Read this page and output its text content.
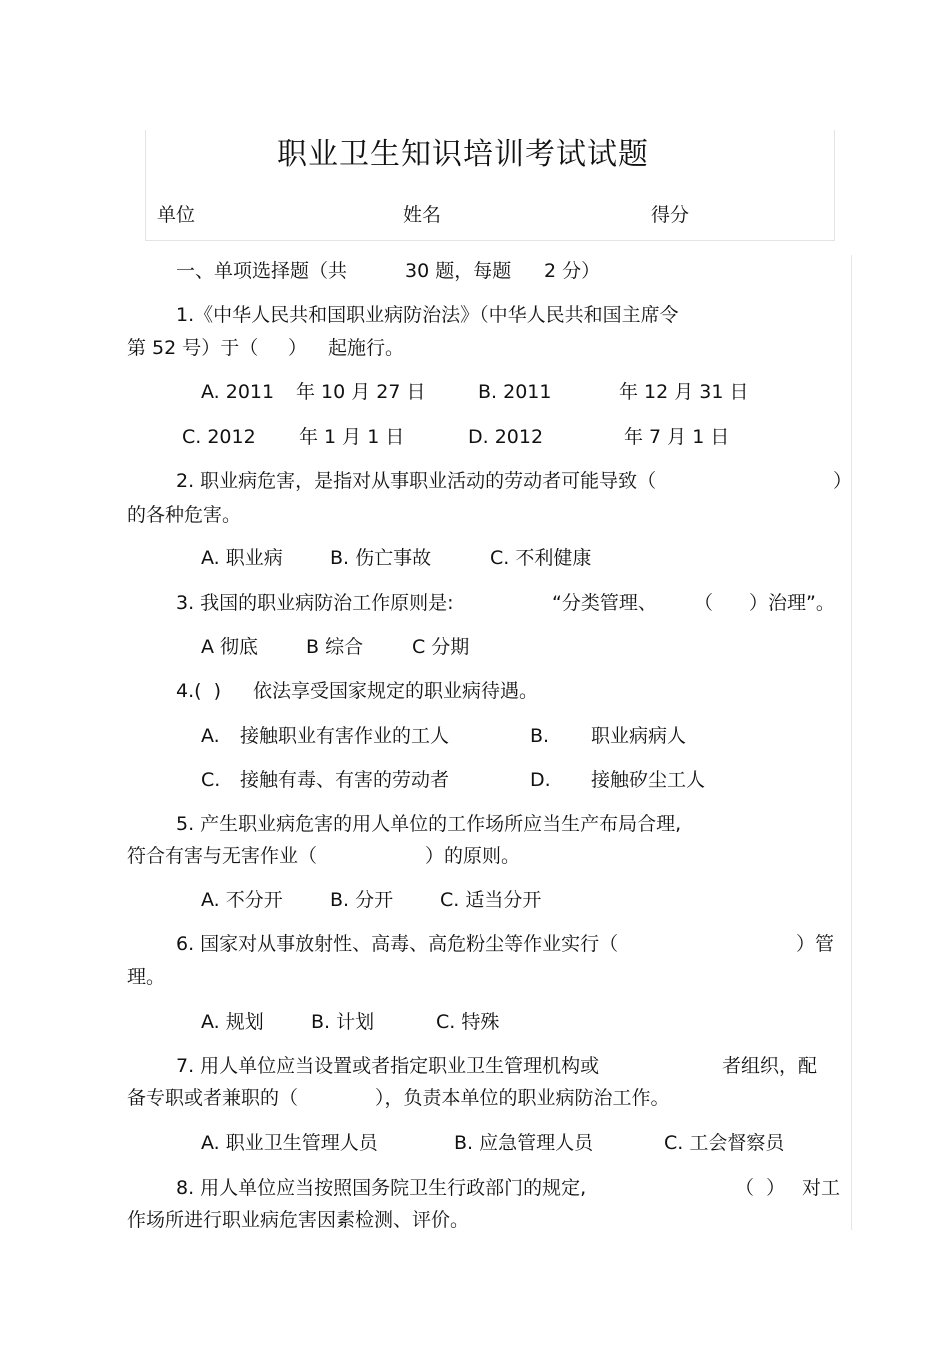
职业卫生知识培训考试试题
单位	姓名	得分
一、单项选择题（共	30 题，每题 2 分）
1.《中华人民共和国职业病防治法》（中华人民共和国主席令
第 52 号）于（ ） 起施行。
A. 2011 年 10 月 27 日	B. 2011	年 12 月 31 日
C. 2012 年 1 月 1 日	D. 2012	年 7 月 1 日
2. 职业病危害，是指对从事职业活动的劳动者可能导致（	）
的各种危害。
A. 职业病 B. 伤亡事故	C. 不利健康
3. 我国的职业病防治工作原则是:	“分类管理、 （ ）治理”。
A 彻底	B 综合	C 分期
4.(  ) 依法享受国家规定的职业病待遇。
A. 接触职业有害作业的工人	B. 职业病病人
C. 接触有毒、有害的劳动者	D. 接触矽尘工人
5. 产生职业病危害的用人单位的工作场所应当生产布局合理,
符合有害与无害作业（	）的原则。
A. 不分开 B. 分开 C. 适当分开
6. 国家对从事放射性、高毒、高危粉尘等作业实行（	）管
理。
A. 规划 B. 计划	C. 特殊
7. 用人单位应当设置或者指定职业卫生管理机构或	者组织，配
备专职或者兼职的（	），负责本单位的职业病防治工作。
A. 职业卫生管理人员	B. 应急管理人员	C. 工会督察员
8. 用人单位应当按照国务院卫生行政部门的规定,	（  ） 对工
作场所进行职业病危害因素检测、评价。
